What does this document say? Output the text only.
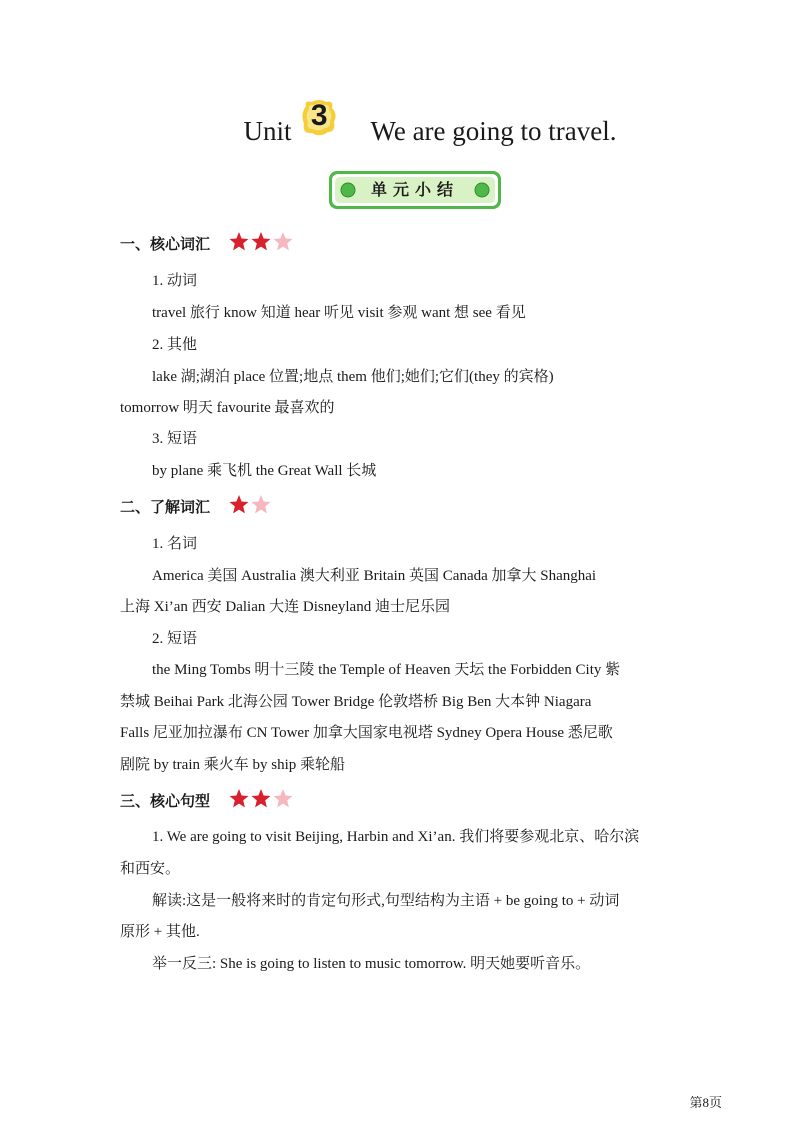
Unit 3	We are going to travel.
单元小结
一、核心词汇
1. 动词
travel 旅行 know 知道 hear 听见 visit 参观 want 想 see 看见
2. 其他
lake 湖;湖泊 place 位置;地点 them 他们;她们;它们(they 的宾格)
tomorrow 明天 favourite 最喜欢的
3. 短语
by plane 乘飞机 the Great Wall 长城
二、了解词汇
1. 名词
America 美国 Australia 澳大利亚 Britain 英国 Canada 加拿大 Shanghai
上海 Xi’an 西安 Dalian 大连 Disneyland 迪士尼乐园
2. 短语
the Ming Tombs 明十三陵 the Temple of Heaven 天坛 the Forbidden City 紫
禁城 Beihai Park 北海公园 Tower Bridge 伦敦塔桥 Big Ben 大本钟 Niagara
Falls 尼亚加拉瀑布 CN Tower 加拿大国家电视塔 Sydney Opera House 悉尼歌
剧院 by train 乘火车 by ship 乘轮船
三、核心句型
1. We are going to visit Beijing, Harbin and Xi’an. 我们将要参观北京、哈尔滨
和西安。
解读:这是一般将来时的肯定句形式,句型结构为主语 + be going to + 动词
原形 + 其他.
举一反三: She is going to listen to music tomorrow. 明天她要听音乐。
第8页
